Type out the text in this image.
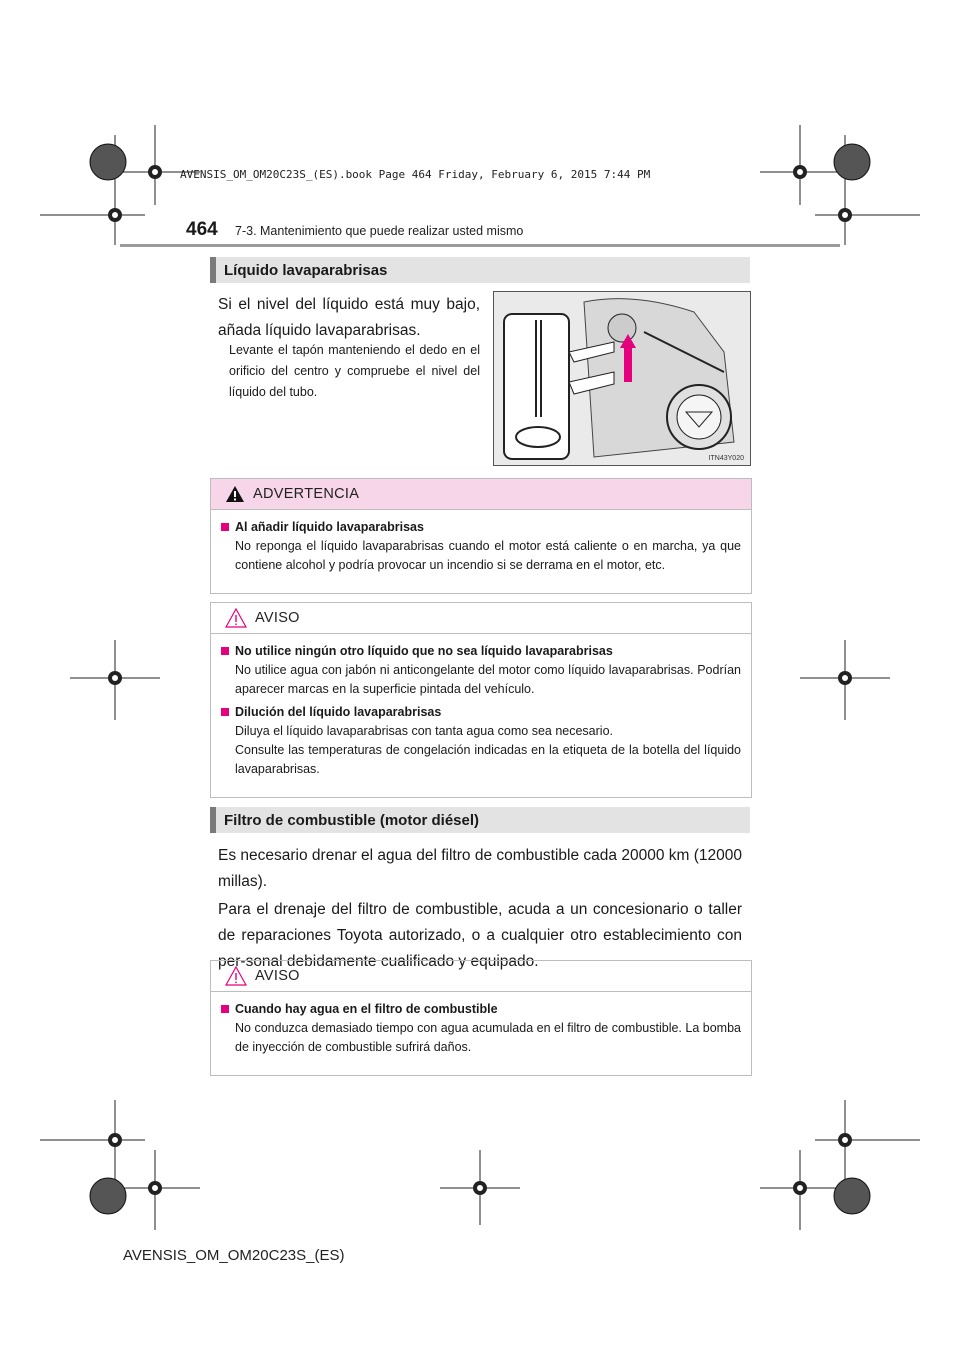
AVENSIS_OM_OM20C23S_(ES).book Page 464 Friday, February 6, 2015 7:44 PM
464 7-3. Mantenimiento que puede realizar usted mismo
Líquido lavaparabrisas
Si el nivel del líquido está muy bajo, añada líquido lavaparabrisas.
Levante el tapón manteniendo el dedo en el orificio del centro y compruebe el nivel del líquido del tubo.
ITN43Y020
ADVERTENCIA
Al añadir líquido lavaparabrisas
No reponga el líquido lavaparabrisas cuando el motor está caliente o en marcha, ya que contiene alcohol y podría provocar un incendio si se derrama en el motor, etc.
AVISO
No utilice ningún otro líquido que no sea líquido lavaparabrisas
No utilice agua con jabón ni anticongelante del motor como líquido lavaparabrisas. Podrían aparecer marcas en la superficie pintada del vehículo.
Dilución del líquido lavaparabrisas
Diluya el líquido lavaparabrisas con tanta agua como sea necesario.
Consulte las temperaturas de congelación indicadas en la etiqueta de la botella del líquido lavaparabrisas.
Filtro de combustible (motor diésel)
Es necesario drenar el agua del filtro de combustible cada 20000 km (12000 millas).
Para el drenaje del filtro de combustible, acuda a un concesionario o taller de reparaciones Toyota autorizado, o a cualquier otro establecimiento con per-sonal debidamente cualificado y equipado.
AVISO
Cuando hay agua en el filtro de combustible
No conduzca demasiado tiempo con agua acumulada en el filtro de combustible. La bomba de inyección de combustible sufrirá daños.
AVENSIS_OM_OM20C23S_(ES)
